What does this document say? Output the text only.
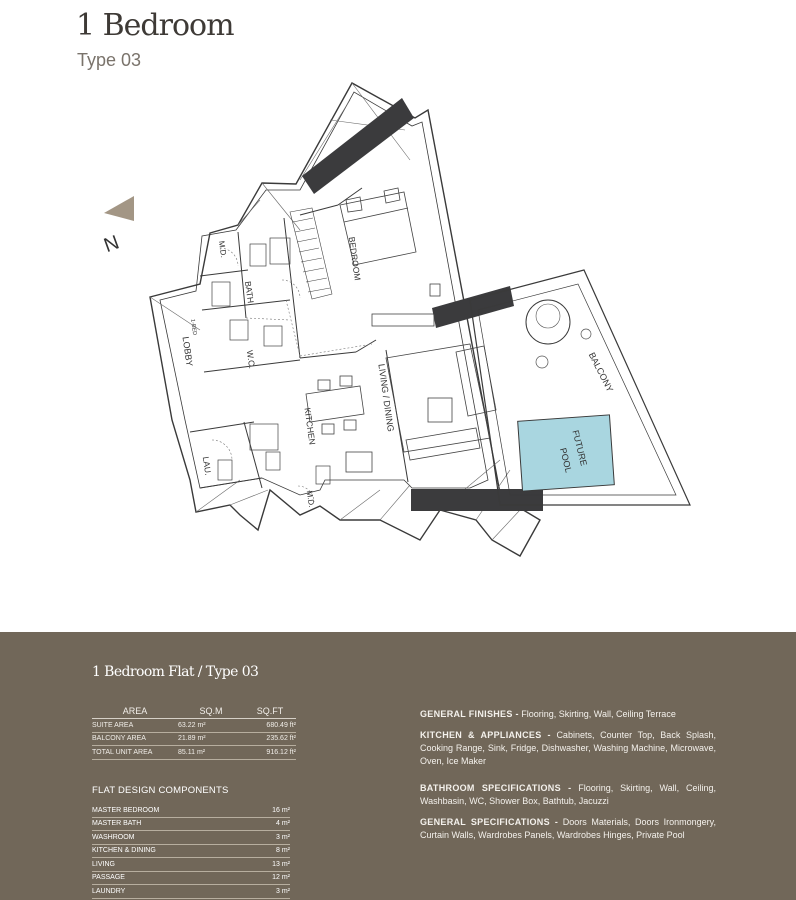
1 Bedroom
Type 03
N	BEDROOM
BATH
M.D.
W.C.
LOBBY
1-BED
KITCHEN	LIVING / DINING	BALCONY
FUTURE
POOL
LAU.
M.D.
1 Bedroom Flat / Type 03
AREA	SQ.M	SQ.FT
SUITE AREA	63.22 m²	680.49 ft²
BALCONY AREA	21.89 m²	235.62 ft²
TOTAL UNIT AREA	85.11 m²	916.12 ft²
FLAT DESIGN COMPONENTS
MASTER BEDROOM	16 m²
MASTER BATH	4 m²
WASHROOM	3 m²
KITCHEN & DINING	8 m²
LIVING	13 m²
PASSAGE	12 m²
LAUNDRY	3 m²

GENERAL FINISHES - Flooring, Skirting, Wall, Ceiling Terrace

KITCHEN & APPLIANCES - Cabinets, Counter Top, Back Splash, Cooking Range, Sink, Fridge, Dishwasher, Washing Machine, Microwave, Oven, Ice Maker

BATHROOM SPECIFICATIONS - Flooring, Skirting, Wall, Ceiling, Washbasin, WC, Shower Box, Bathtub, Jacuzzi

GENERAL SPECIFICATIONS - Doors Materials, Doors Ironmongery, Curtain Walls, Wardrobes Panels, Wardrobes Hinges, Private Pool
